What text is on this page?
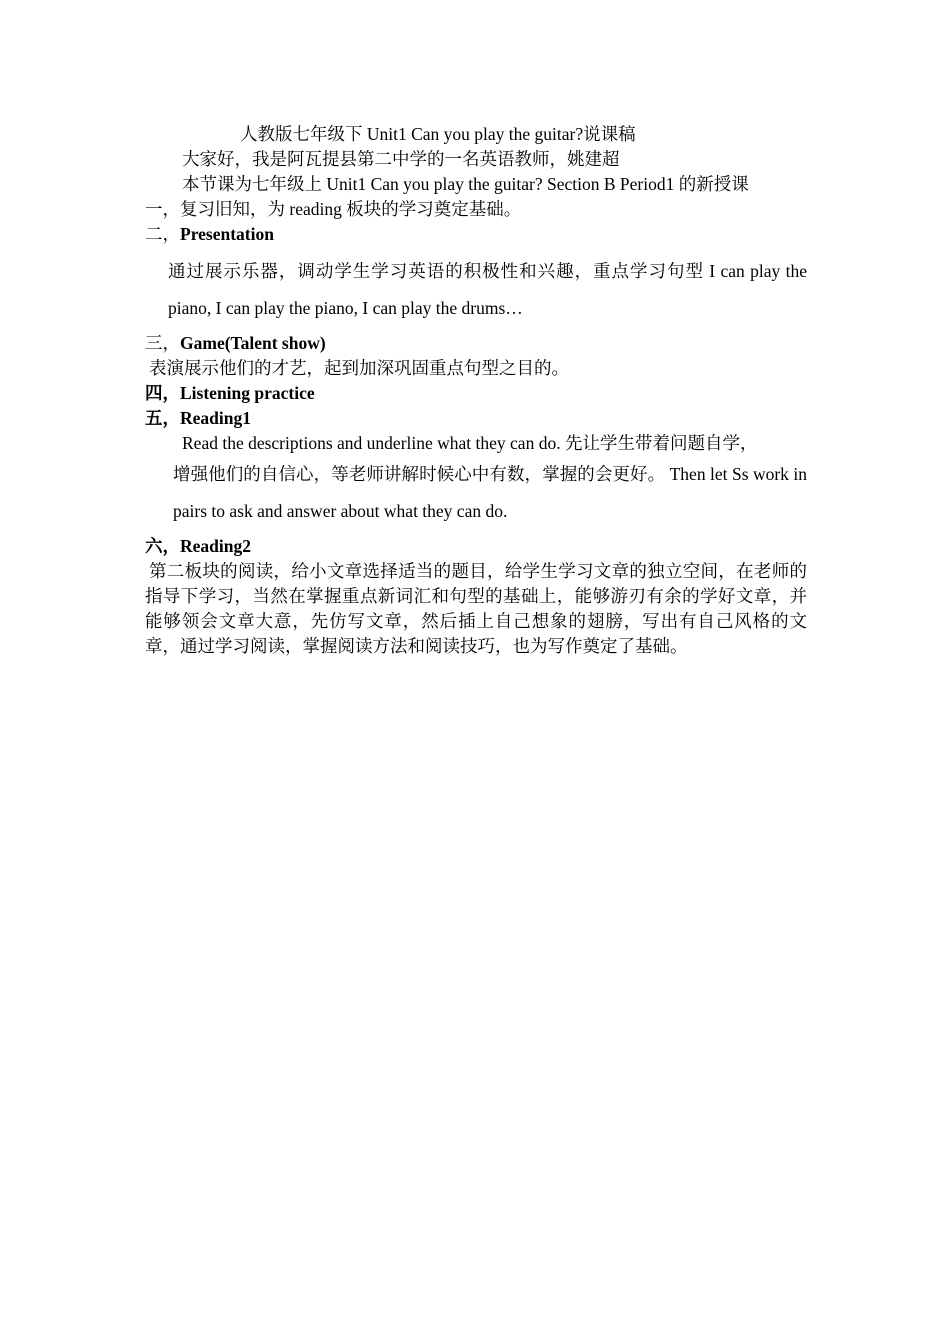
人教版七年级下 Unit1 Can you play the guitar?说课稿
大家好，我是阿瓦提县第二中学的一名英语教师，姚建超
本节课为七年级上 Unit1 Can you play the guitar? Section B Period1 的新授课
一，复习旧知，为 reading 板块的学习奠定基础。
二，Presentation
通过展示乐器，调动学生学习英语的积极性和兴趣，重点学习句型 I can play the piano, I can play the piano, I can play the drums…
三，Game(Talent show)
表演展示他们的才艺，起到加深巩固重点句型之目的。
四，Listening practice
五，Reading1
Read the descriptions and underline what they can do. 先让学生带着问题自学，
增强他们的自信心，等老师讲解时候心中有数，掌握的会更好。 Then let Ss work in pairs to ask and answer about what they can do.
六，Reading2
第二板块的阅读，给小文章选择适当的题目，给学生学习文章的独立空间，在老师的指导下学习，当然在掌握重点新词汇和句型的基础上，能够游刃有余的学好文章，并能够领会文章大意，先仿写文章，然后插上自己想象的翅膀，写出有自己风格的文章，通过学习阅读，掌握阅读方法和阅读技巧，也为写作奠定了基础。
